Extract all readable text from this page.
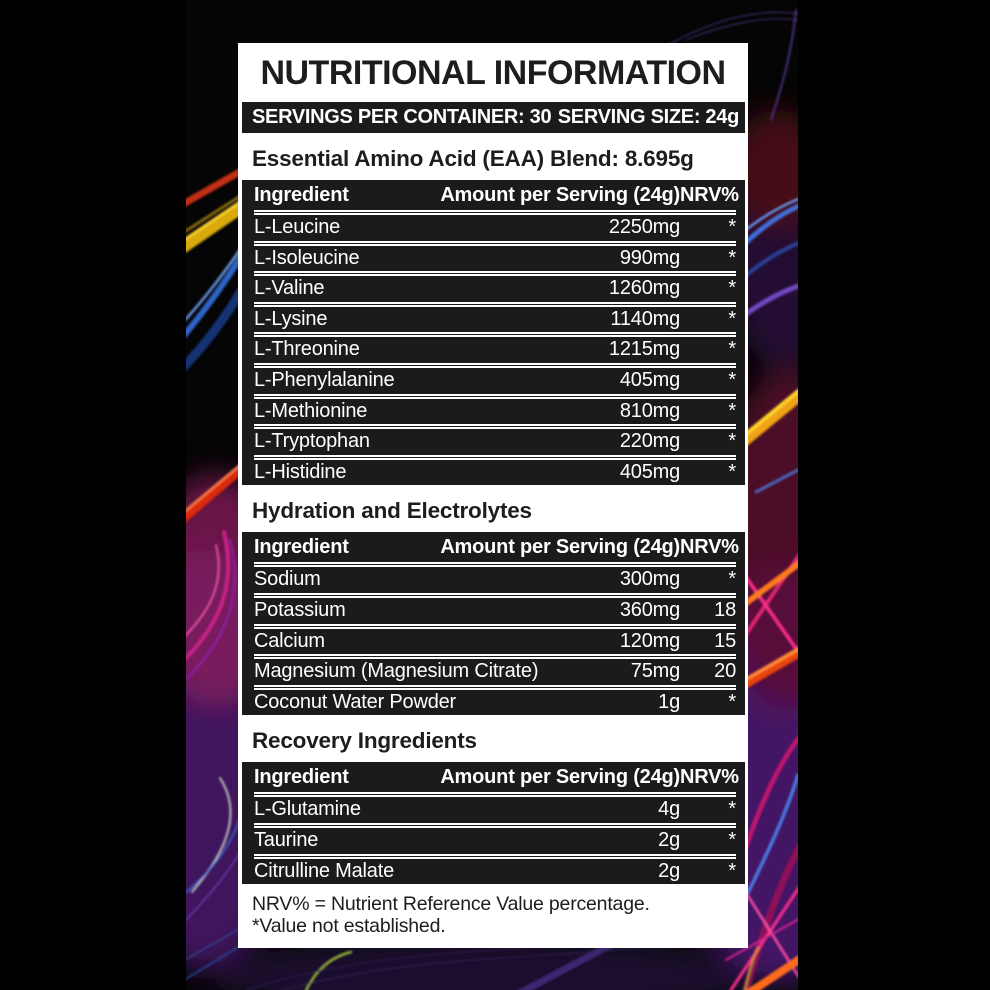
NUTRITIONAL INFORMATION
SERVINGS PER CONTAINER: 30 SERVING SIZE: 24g
Essential Amino Acid (EAA) Blend: 8.695g
Ingredient	Amount per Serving (24g) NRV%
L-Leucine	2250mg	*
L-Isoleucine	990mg	*
L-Valine	1260mg	*
L-Lysine	1140mg	*
L-Threonine	1215mg	*
L-Phenylalanine	405mg	*
L-Methionine	810mg	*
L-Tryptophan	220mg	*
L-Histidine	405mg	*
Hydration and Electrolytes
Ingredient	Amount per Serving (24g) NRV%
Sodium	300mg	*
Potassium	360mg	18
Calcium	120mg	15
Magnesium (Magnesium Citrate)	75mg	20
Coconut Water Powder	1g	*
Recovery Ingredients
Ingredient	Amount per Serving (24g) NRV%
L-Glutamine	4g	*
Taurine	2g	*
Citrulline Malate	2g	*

NRV% = Nutrient Reference Value percentage.

*Value not established.
